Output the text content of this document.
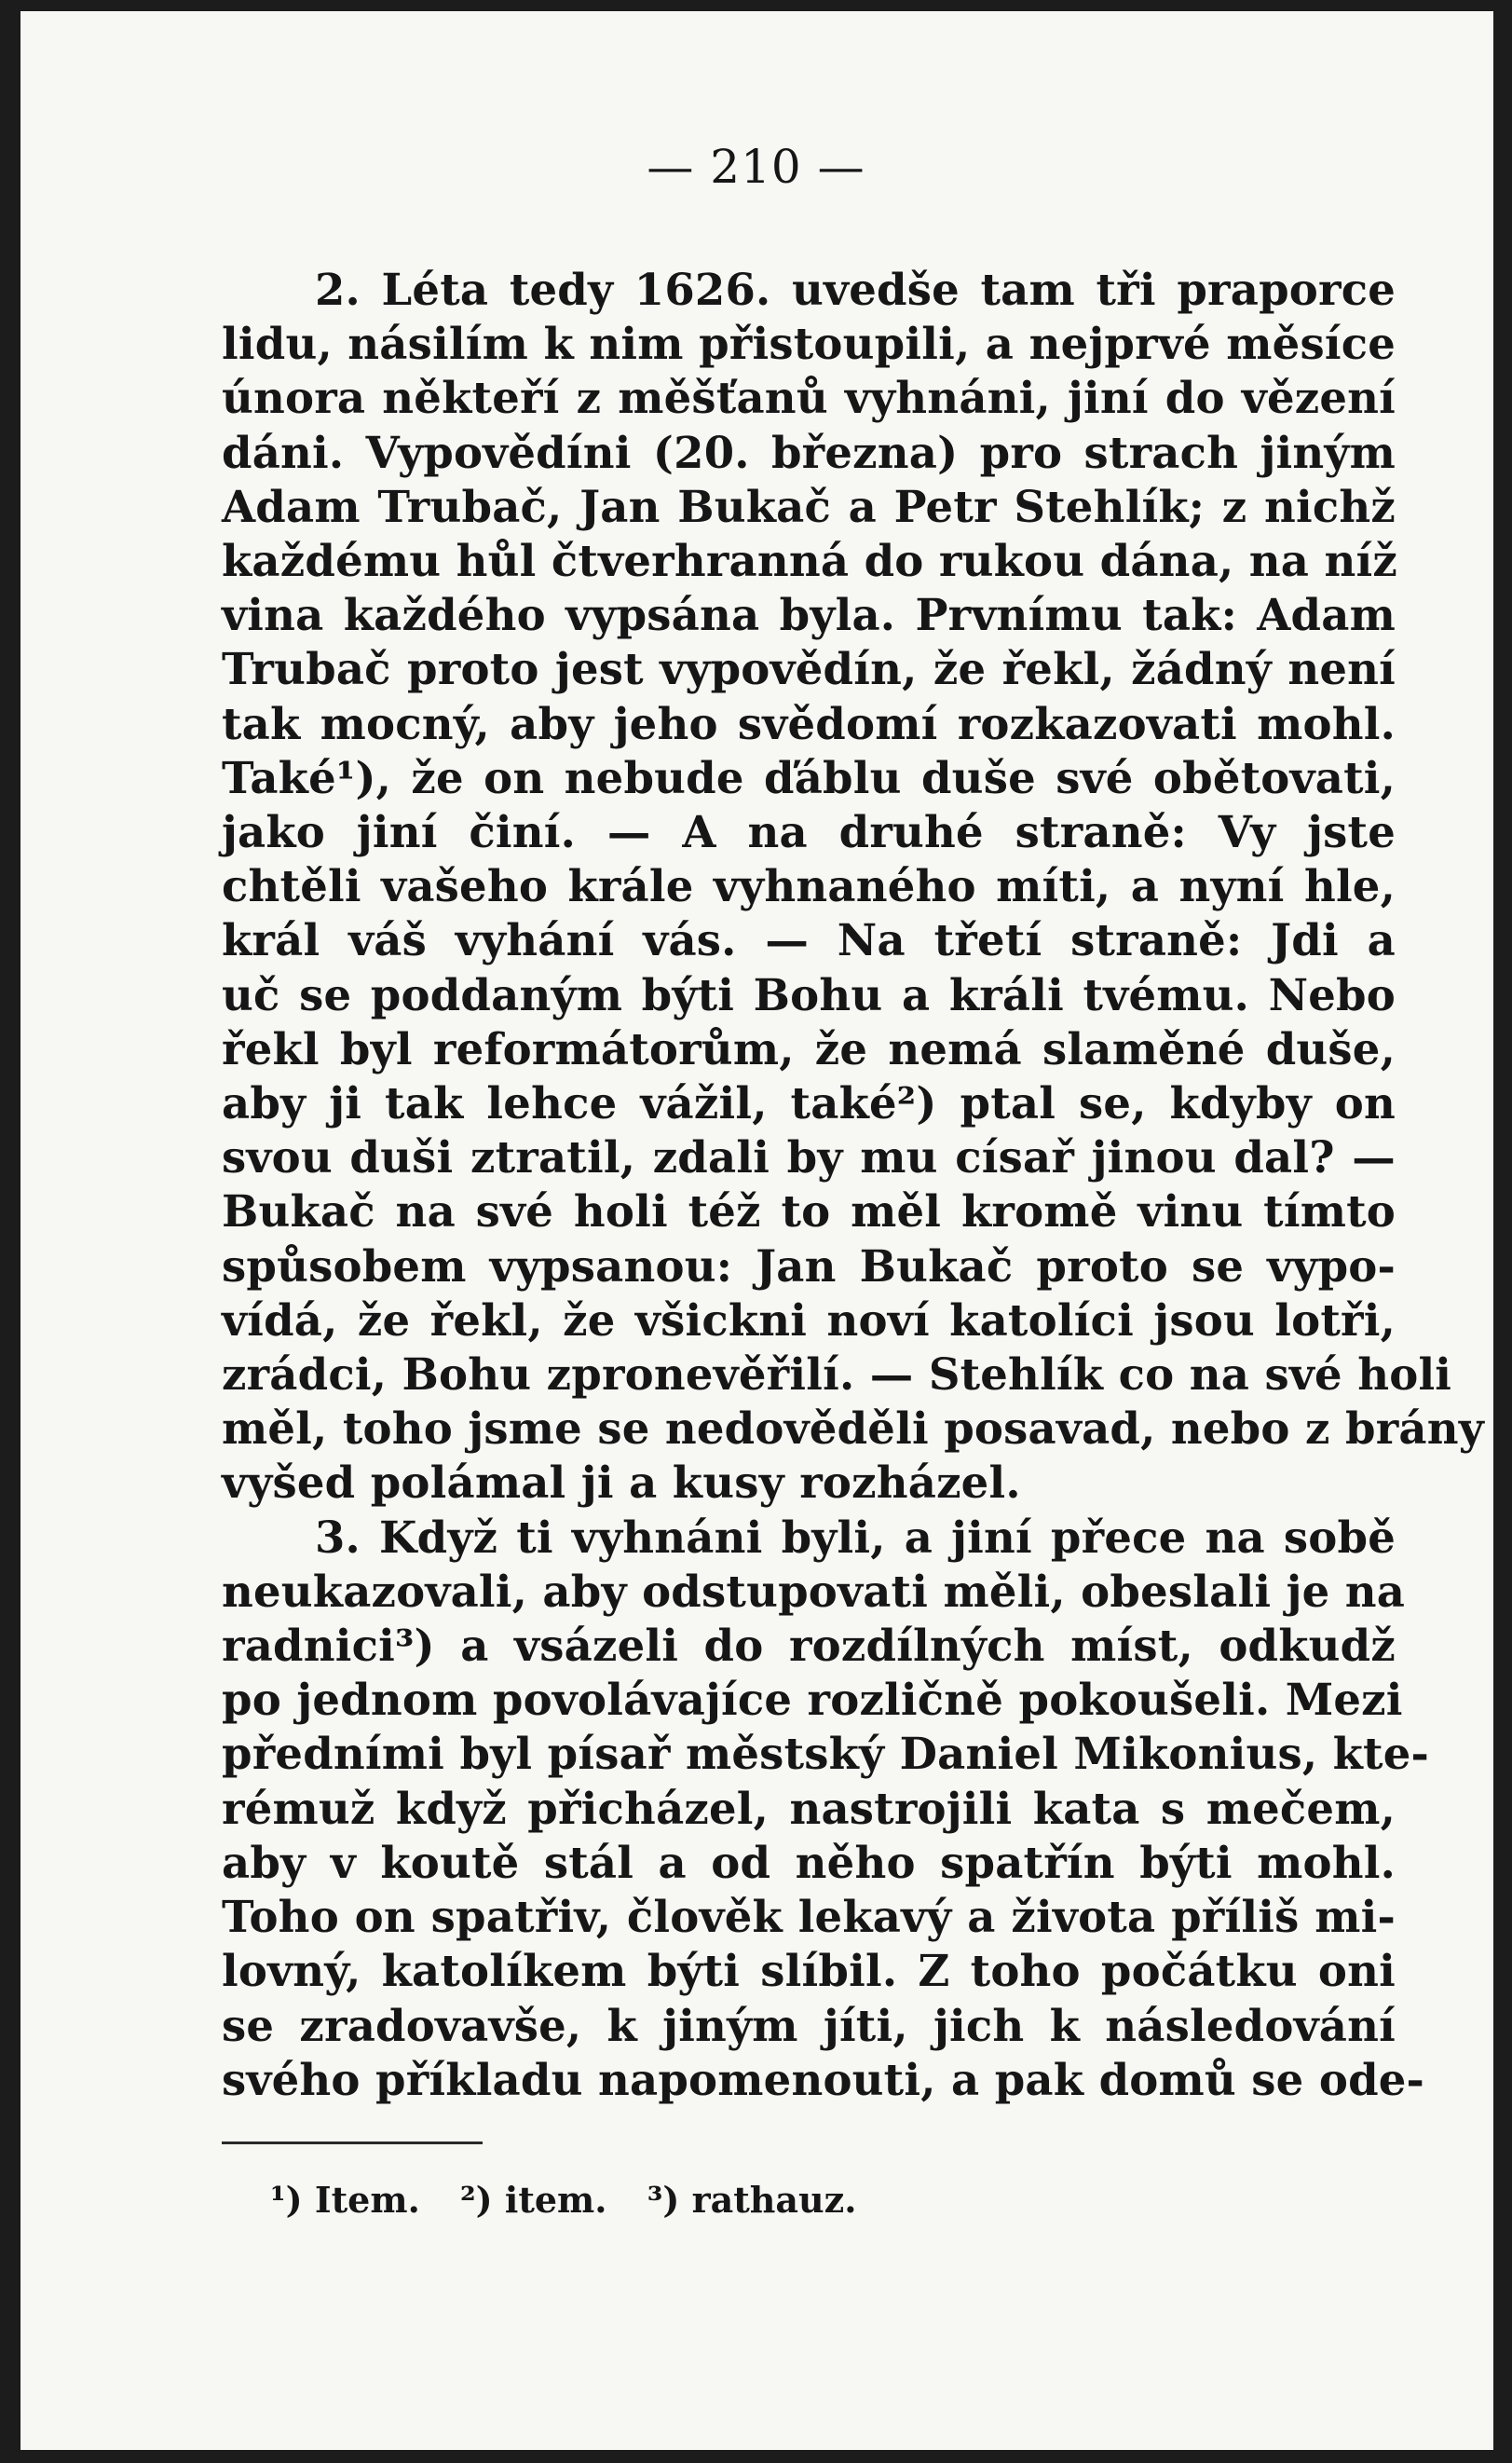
— 210 —
2. Léta tedy 1626. uvedše tam tři praporce
lidu, násilím k nim přistoupili, a nejprvé měsíce
února někteří z měšťanů vyhnáni, jiní do vězení
dáni. Vypovědíni (20. března) pro strach jiným
Adam Trubač, Jan Bukač a Petr Stehlík; z nichž
každému hůl čtverhranná do rukou dána, na níž
vina každého vypsána byla. Prvnímu tak: Adam
Trubač proto jest vypovědín, že řekl, žádný není
tak mocný, aby jeho svědomí rozkazovati mohl.
Také¹), že on nebude ďáblu duše své obětovati,
jako jiní činí. — A na druhé straně: Vy jste
chtěli vašeho krále vyhnaného míti, a nyní hle,
král váš vyhání vás. — Na třetí straně: Jdi a
uč se poddaným býti Bohu a králi tvému. Nebo
řekl byl reformátorům, že nemá slaměné duše,
aby ji tak lehce vážil, také²) ptal se, kdyby on
svou duši ztratil, zdali by mu císař jinou dal? —
Bukač na své holi též to měl kromě vinu tímto
spůsobem vypsanou: Jan Bukač proto se vypo-
vídá, že řekl, že všickni noví katolíci jsou lotři,
zrádci, Bohu zpronevěřilí. — Stehlík co na své holi
měl, toho jsme se nedověděli posavad, nebo z brány
vyšed polámal ji a kusy rozházel.
3. Když ti vyhnáni byli, a jiní přece na sobě
neukazovali, aby odstupovati měli, obeslali je na
radnici³) a vsázeli do rozdílných míst, odkudž
po jednom povolávajíce rozličně pokoušeli. Mezi
předními byl písař městský Daniel Mikonius, kte-
rémuž když přicházel, nastrojili kata s mečem,
aby v koutě stál a od něho spatřín býti mohl.
Toho on spatřiv, člověk lekavý a života příliš mi-
lovný, katolíkem býti slíbil. Z toho počátku oni
se zradovavše, k jiným jíti, jich k následování
svého příkladu napomenouti, a pak domů se ode-
¹) Item. ²) item. ³) rathauz.
